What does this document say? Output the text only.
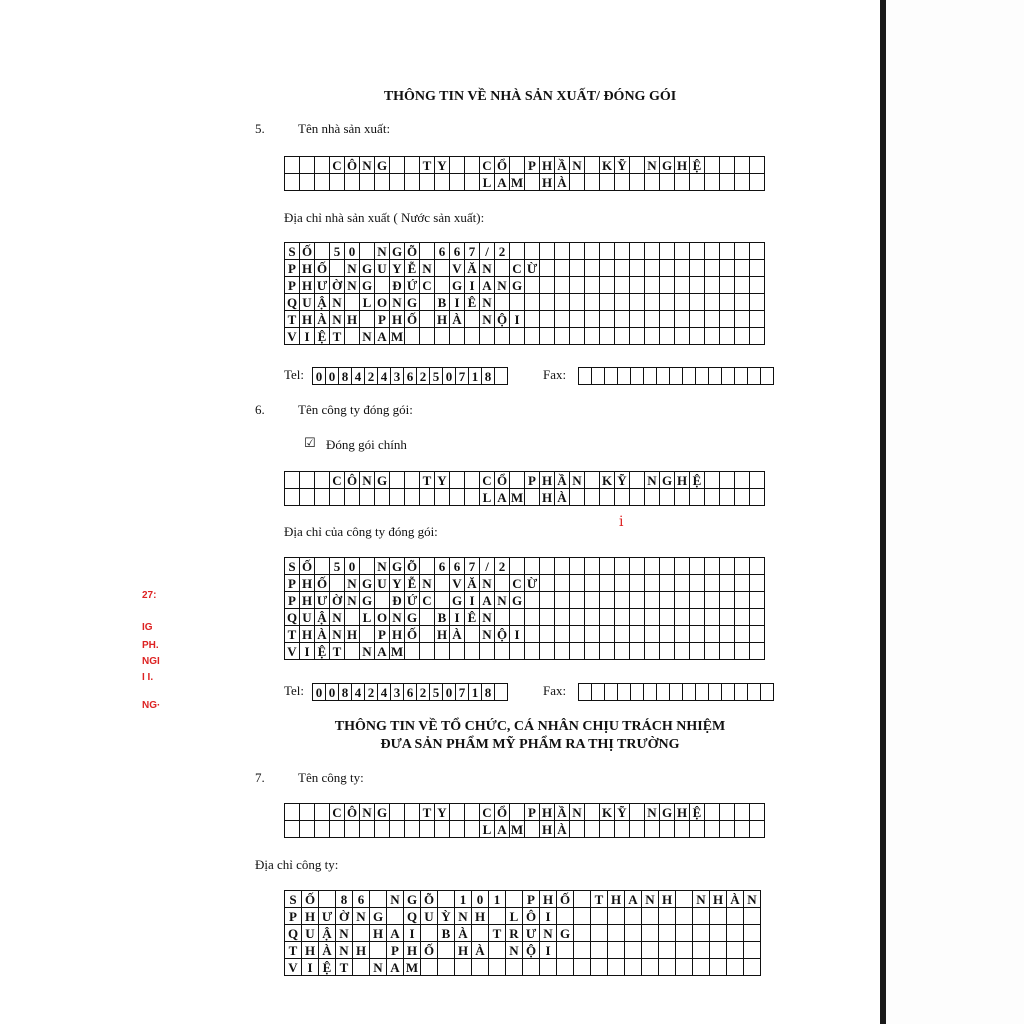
THÔNG TIN VỀ NHÀ SẢN XUẤT/ ĐÓNG GÓI
5.	Tên nhà sản xuất:
			C	Ô	N	G			T	Y			C	Ổ		P	H	Ầ	N		K	Ỹ		N	G	H	Ệ				
													L	A	M		H	À													
Địa chỉ nhà sản xuất ( Nước sản xuất):
S	Ố		5	0		N	G	Õ		6	6	7	/	2																	
P	H	Ố		N	G	U	Y	Ễ	N		V	Ă	N		C	Ừ															
P	H	Ư	Ờ	N	G		Đ	Ứ	C		G	I	A	N	G																
Q	U	Ậ	N		L	O	N	G		B	I	Ê	N																		
T	H	À	N	H		P	H	Ố		H	À		N	Ộ	I																
V	I	Ệ	T		N	A	M																								
Tel: 0	0	8	4	2	4	3	6	2	5	0	7	1	8		Fax:

6.	Tên công ty đóng gói:
☑ Đóng gói chính
			C	Ô	N	G			T	Y			C	Ổ		P	H	Ầ	N		K	Ỹ		N	G	H	Ệ				
													L	A	M		H	À													
Địa chỉ của công ty đóng gói:
ⅰ
S	Ố		5	0		N	G	Õ		6	6	7	/	2																	
P	H	Ố		N	G	U	Y	Ễ	N		V	Ă	N		C	Ừ															
P	H	Ư	Ờ	N	G		Đ	Ứ	C		G	I	A	N	G																
Q	U	Ậ	N		L	O	N	G		B	I	Ê	N																		
T	H	À	N	H		P	H	Ố		H	À		N	Ộ	I																
V	I	Ệ	T		N	A	M																								
Tel: 0	0	8	4	2	4	3	6	2	5	0	7	1	8		Fax:

THÔNG TIN VỀ TỔ CHỨC, CÁ NHÂN CHỊU TRÁCH NHIỆM
ĐƯA SẢN PHẨM MỸ PHẨM RA THỊ TRƯỜNG
7.	Tên công ty:
			C	Ô	N	G			T	Y			C	Ổ		P	H	Ầ	N		K	Ỹ		N	G	H	Ệ				
													L	A	M		H	À													
Địa chỉ công ty:
S	Ố		8	6		N	G	Õ		1	0	1		P	H	Ố		T	H	A	N	H		N	H	À	N
P	H	Ư	Ờ	N	G		Q	U	Ỳ	N	H		L	Ô	I												
Q	U	Ậ	N		H	A	I		B	À		T	R	Ư	N	G											
T	H	À	N	H		P	H	Ố		H	À		N	Ộ	I												
V	I	Ệ	T		N	A	M																				
27:
IG
PH.
NGI
I I.
NG·
